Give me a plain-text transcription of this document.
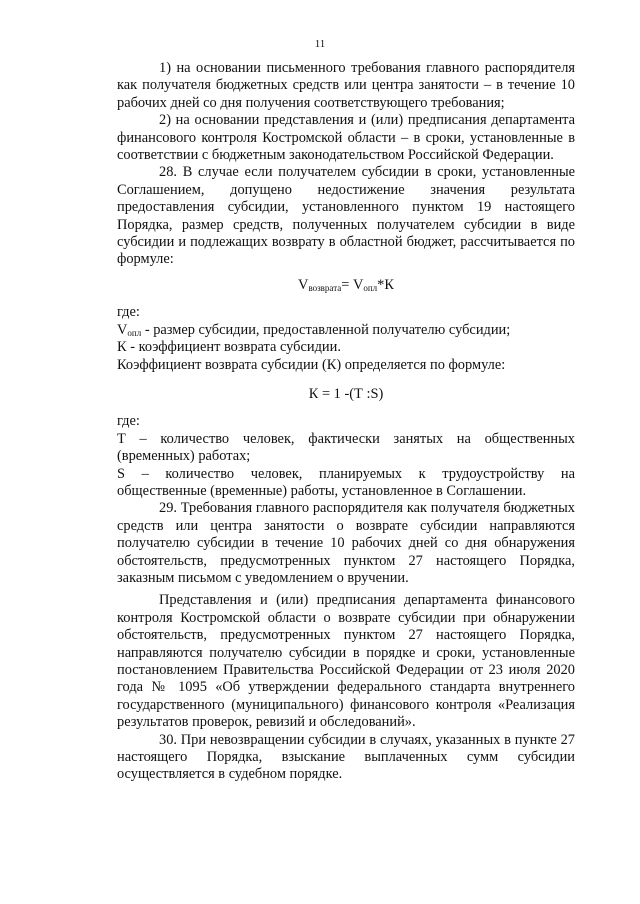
11

1) на основании письменного требования главного распорядителя как получателя бюджетных средств или центра занятости – в течение 10 рабочих дней со дня получения соответствующего требования;

2) на основании представления и (или) предписания департамента финансового контроля Костромской области – в сроки, установленные в соответствии с бюджетным законодательством Российской Федерации.

28. В случае если получателем субсидии в сроки, установленные Соглашением, допущено недостижение значения результата предоставления субсидии, установленного пунктом 19 настоящего Порядка, размер средств, полученных получателем субсидии в виде субсидии и подлежащих возврату в областной бюджет, рассчитывается по формуле:

$V_{возврата}= V_{опл}*К$

где:

$V_{опл}$ - размер субсидии, предоставленной получателю субсидии;

К - коэффициент возврата субсидии.

Коэффициент возврата субсидии (К) определяется по формуле:

К = 1 -(Т :S)

где:

Т – количество человек, фактически занятых на общественных (временных) работах;

S – количество человек, планируемых к трудоустройству на общественные (временные) работы, установленное в Соглашении.

29. Требования главного распорядителя как получателя бюджетных средств или центра занятости о возврате субсидии направляются получателю субсидии в течение 10 рабочих дней со дня обнаружения обстоятельств, предусмотренных пунктом 27 настоящего Порядка, заказным письмом с уведомлением о вручении.

Представления и (или) предписания департамента финансового контроля Костромской области о возврате субсидии при обнаружении обстоятельств, предусмотренных пунктом 27 настоящего Порядка, направляются получателю субсидии в порядке и сроки, установленные постановлением Правительства Российской Федерации от 23 июля 2020 года № 1095 «Об утверждении федерального стандарта внутреннего государственного (муниципального) финансового контроля «Реализация результатов проверок, ревизий и обследований».

30. При невозвращении субсидии в случаях, указанных в пункте 27 настоящего Порядка, взыскание выплаченных сумм субсидии осуществляется в судебном порядке.
